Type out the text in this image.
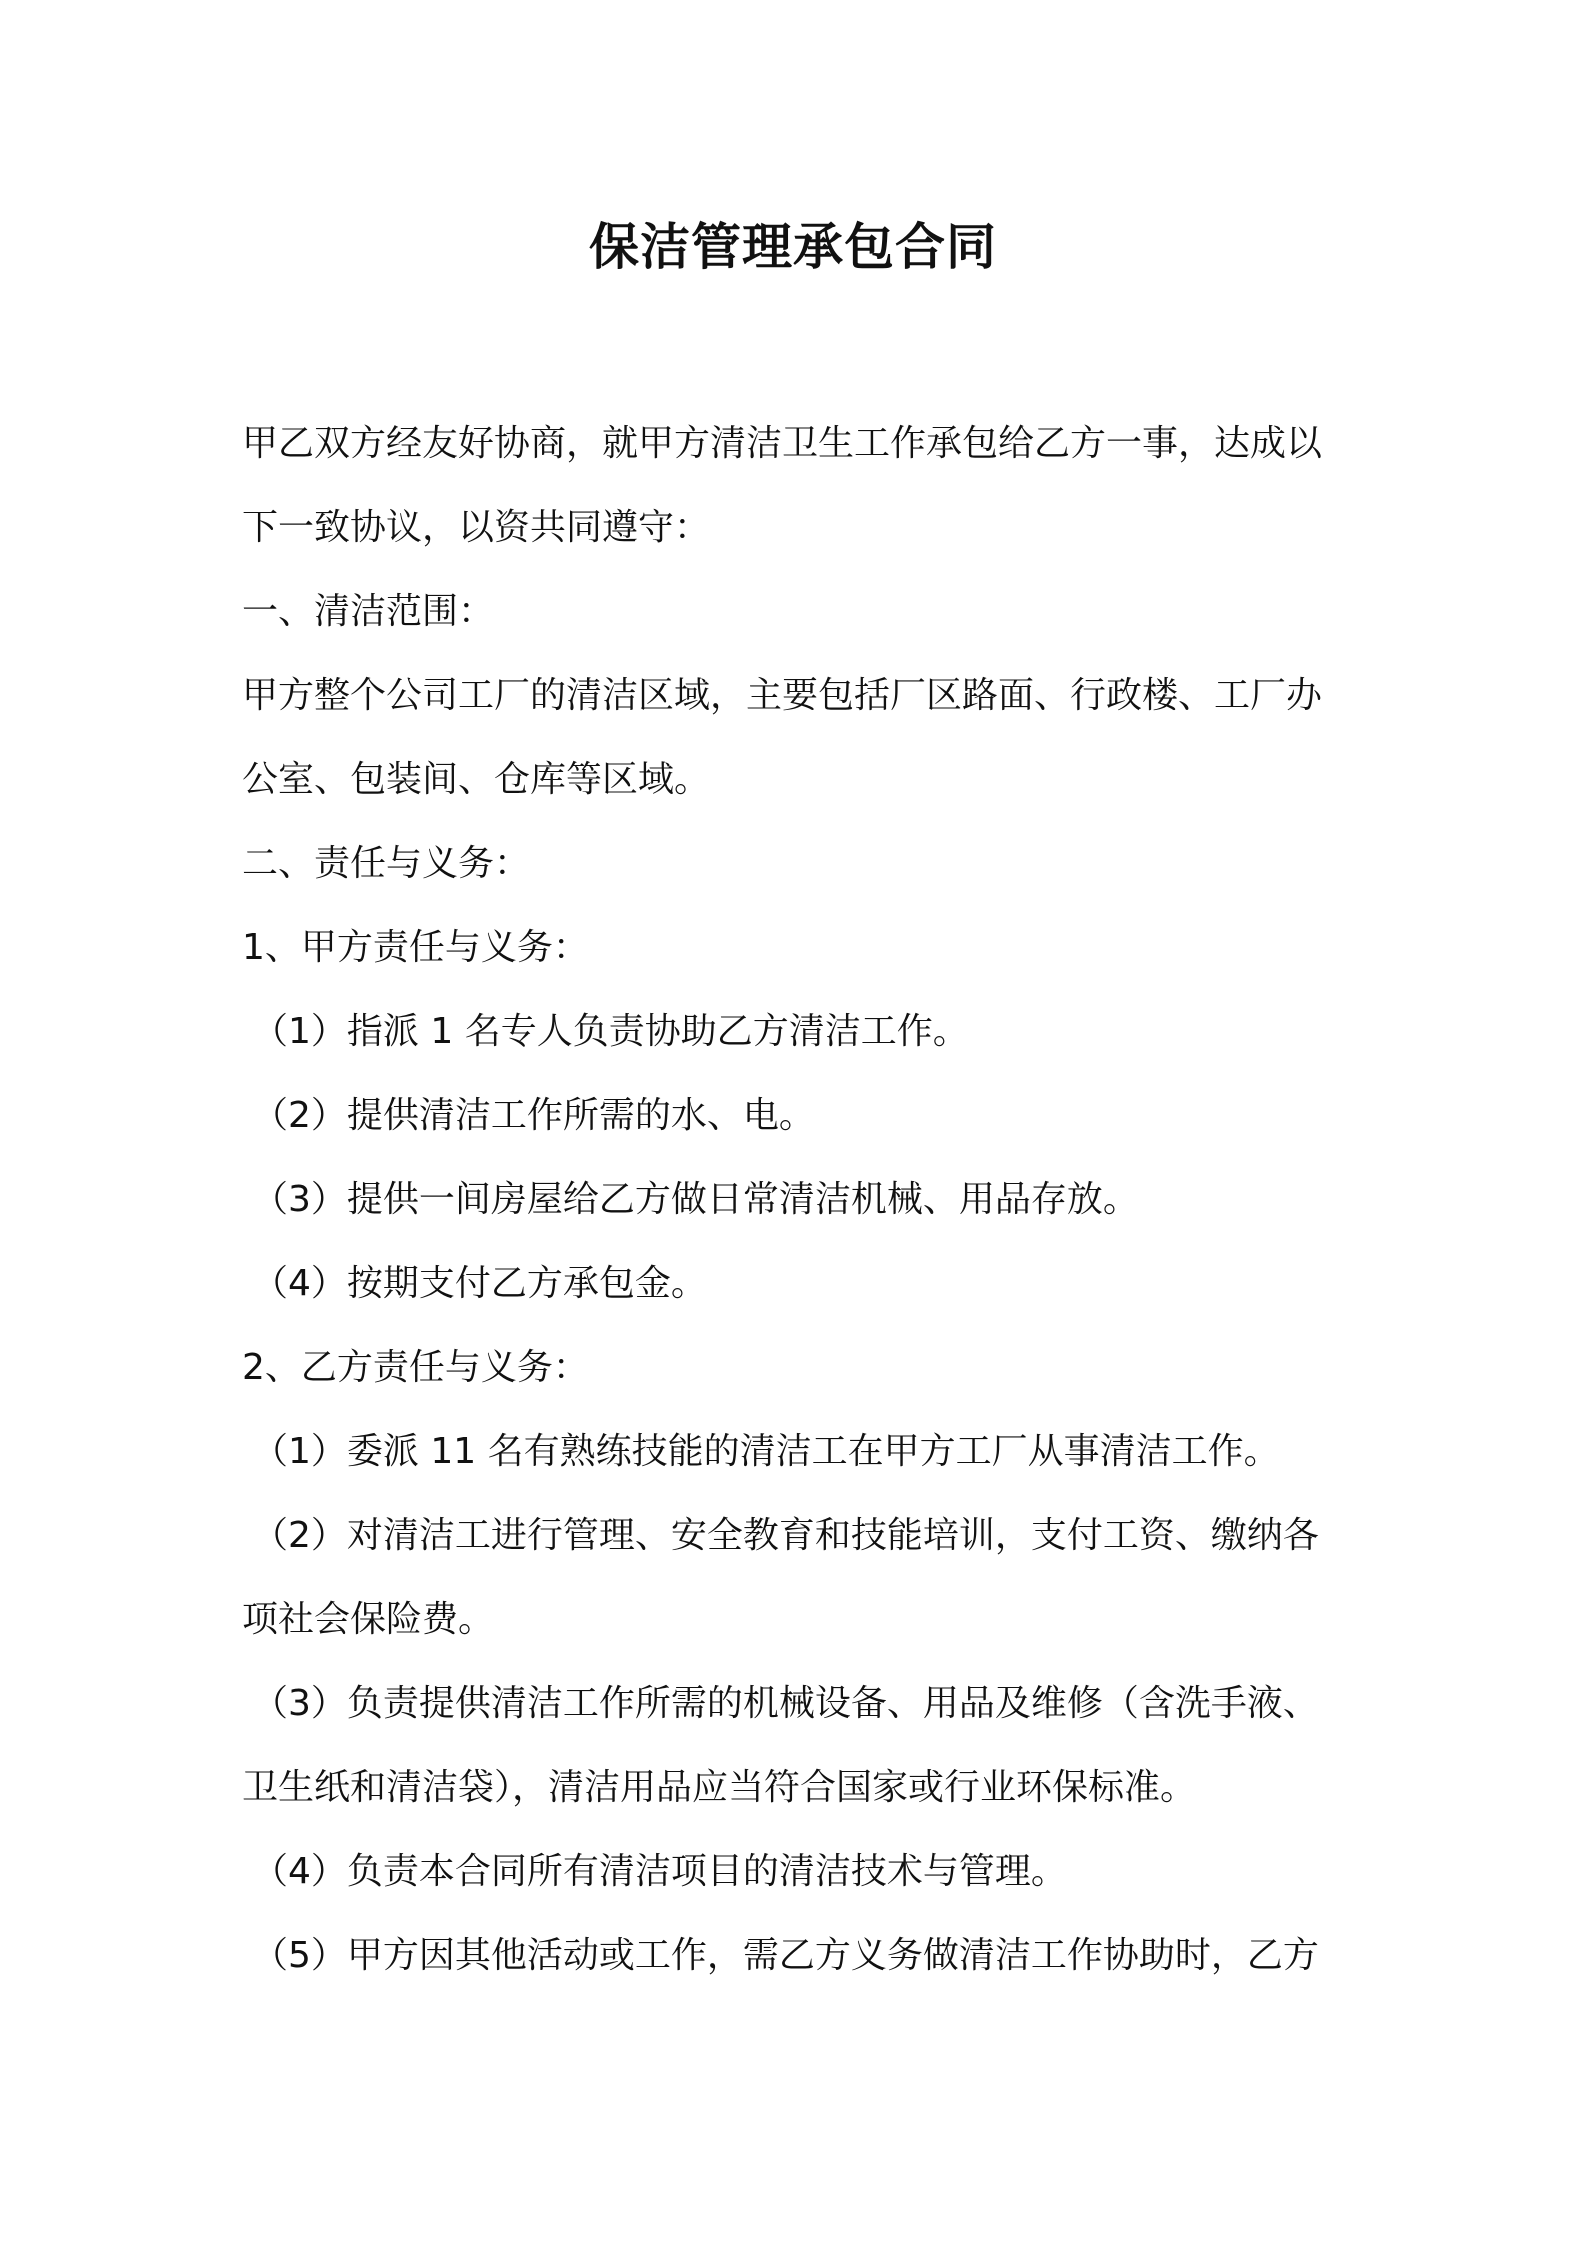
保洁管理承包合同
甲乙双方经友好协商，就甲方清洁卫生工作承包给乙方一事，达成以
下一致协议，以资共同遵守：
一、清洁范围：
甲方整个公司工厂的清洁区域，主要包括厂区路面、行政楼、工厂办
公室、包装间、仓库等区域。
二、责任与义务：
1、甲方责任与义务：
（1）指派 1 名专人负责协助乙方清洁工作。
（2）提供清洁工作所需的水、电。
（3）提供一间房屋给乙方做日常清洁机械、用品存放。
（4）按期支付乙方承包金。
2、乙方责任与义务：
（1）委派 11 名有熟练技能的清洁工在甲方工厂从事清洁工作。
（2）对清洁工进行管理、安全教育和技能培训，支付工资、缴纳各
项社会保险费。
（3）负责提供清洁工作所需的机械设备、用品及维修（含洗手液、
卫生纸和清洁袋），清洁用品应当符合国家或行业环保标准。
（4）负责本合同所有清洁项目的清洁技术与管理。
（5）甲方因其他活动或工作，需乙方义务做清洁工作协助时，乙方
